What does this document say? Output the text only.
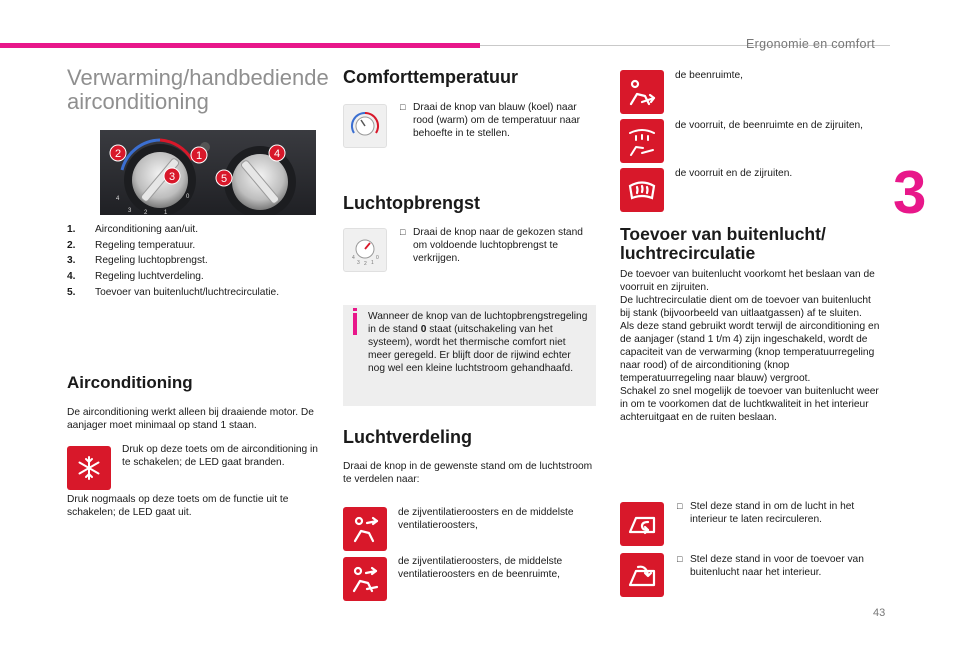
Ergonomie en comfort
3
43
Verwarming/handbediende
airconditioning
3 2	1
4	0
1
2
3
4
5
1.	Airconditioning aan/uit.
2.	Regeling temperatuur.
3.	Regeling luchtopbrengst.
4.	Regeling luchtverdeling.
5.	Toevoer van buitenlucht/luchtrecirculatie.
Airconditioning
De airconditioning werkt alleen bij draaiende motor. De aanjager moet minimaal op stand 1 staan.
Druk op deze toets om de airconditioning in te schakelen; de LED gaat branden.
Druk nogmaals op deze toets om de functie uit te schakelen; de LED gaat uit.
Comforttemperatuur
□ Draai de knop van blauw (koel) naar rood (warm) om de temperatuur naar behoefte in te stellen.
Luchtopbrengst
4
3 2 1
0
□ Draai de knop naar de gekozen stand om voldoende luchtopbrengst te verkrijgen.
Wanneer de knop van de luchtopbrengstregeling in de stand 0 staat (uitschakeling van het systeem), wordt het thermische comfort niet meer geregeld. Er blijft door de rijwind echter nog wel een kleine luchtstroom gehandhaafd.
Luchtverdeling
Draai de knop in de gewenste stand om de luchtstroom te verdelen naar:
de zijventilatieroosters en de middelste ventilatieroosters,
de zijventilatieroosters, de middelste ventilatieroosters en de beenruimte,
de beenruimte,
de voorruit, de beenruimte en de zijruiten,
de voorruit en de zijruiten.
Toevoer van buitenlucht/
luchtrecirculatie
De toevoer van buitenlucht voorkomt het beslaan van de voorruit en zijruiten.
De luchtrecirculatie dient om de toevoer van buitenlucht bij stank (bijvoorbeeld van uitlaatgassen) af te sluiten.
Als deze stand gebruikt wordt terwijl de airconditioning en de aanjager (stand 1 t/m 4) zijn ingeschakeld, wordt de capaciteit van de verwarming (knop temperatuurregeling naar rood) of de airconditioning (knop temperatuurregeling naar blauw) vergroot.
Schakel zo snel mogelijk de toevoer van buitenlucht weer in om te voorkomen dat de luchtkwaliteit in het interieur achteruitgaat en de ruiten beslaan.
□ Stel deze stand in om de lucht in het interieur te laten recirculeren.
□ Stel deze stand in voor de toevoer van buitenlucht naar het interieur.
